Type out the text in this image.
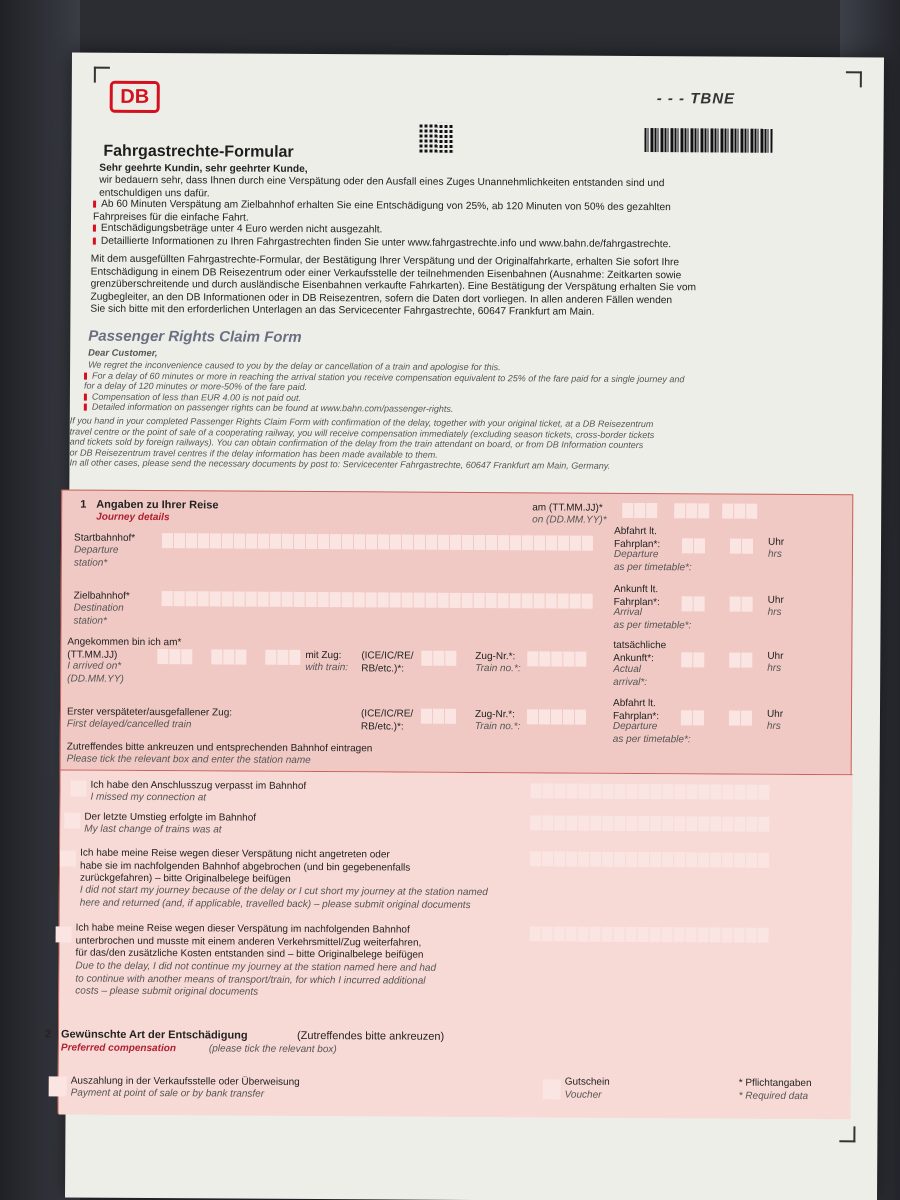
DB
- - -	TBNE
Fahrgastrechte-Formular
Sehr geehrte Kundin, sehr geehrter Kunde,
wir bedauern sehr, dass Ihnen durch eine Verspätung oder den Ausfall eines Zuges Unannehmlichkeiten entstanden sind und
entschuldigen uns dafür.
Ab 60 Minuten Verspätung am Zielbahnhof erhalten Sie eine Entschädigung von 25%, ab 120 Minuten von 50% des gezahlten
Fahrpreises für die einfache Fahrt.
Entschädigungsbeträge unter 4 Euro werden nicht ausgezahlt.
Detaillierte Informationen zu Ihren Fahrgastrechten finden Sie unter www.fahrgastrechte.info und www.bahn.de/fahrgastrechte.
Mit dem ausgefüllten Fahrgastrechte-Formular, der Bestätigung Ihrer Verspätung und der Originalfahrkarte, erhalten Sie sofort Ihre
Entschädigung in einem DB Reisezentrum oder einer Verkaufsstelle der teilnehmenden Eisenbahnen (Ausnahme: Zeitkarten sowie
grenzüberschreitende und durch ausländische Eisenbahnen verkaufte Fahrkarten). Eine Bestätigung der Verspätung erhalten Sie vom
Zugbegleiter, an den DB Informationen oder in DB Reisezentren, sofern die Daten dort vorliegen. In allen anderen Fällen wenden
Sie sich bitte mit den erforderlichen Unterlagen an das Servicecenter Fahrgastrechte, 60647 Frankfurt am Main.
Passenger Rights Claim Form
Dear Customer,
We regret the inconvenience caused to you by the delay or cancellation of a train and apologise for this.
For a delay of 60 minutes or more in reaching the arrival station you receive compensation equivalent to 25% of the fare paid for a single journey and
for a delay of 120 minutes or more-50% of the fare paid.
Compensation of less than EUR 4.00 is not paid out.
Detailed information on passenger rights can be found at www.bahn.com/passenger-rights.
If you hand in your completed Passenger Rights Claim Form with confirmation of the delay, together with your original ticket, at a DB Reisezentrum
travel centre or the point of sale of a cooperating railway, you will receive compensation immediately (excluding season tickets, cross-border tickets
and tickets sold by foreign railways). You can obtain confirmation of the delay from the train attendant on board, or from DB Information counters
or DB Reisezentrum travel centres if the delay information has been made available to them.
In all other cases, please send the necessary documents by post to: Servicecenter Fahrgastrechte, 60647 Frankfurt am Main, Germany.
1 Angaben zu Ihrer Reise
Journey details
am (TT.MM.JJ)*
on (DD.MM.YY)*
Startbahnhof*
Departure
station*
Abfahrt lt.
Fahrplan*:
Departure
as per timetable*:
Uhr
hrs
Zielbahnhof*
Destination
station*
Ankunft lt.
Fahrplan*:
Arrival
as per timetable*:
Uhr
hrs
Angekommen bin ich am*
(TT.MM.JJ)
I arrived on*
(DD.MM.YY)
mit Zug:
with train:
(ICE/IC/RE/
RB/etc.)*:
Zug-Nr.*:
Train no.*:
tatsächliche
Ankunft*:
Actual
arrival*:
Uhr
hrs
Erster verspäteter/ausgefallener Zug:
First delayed/cancelled train
(ICE/IC/RE/
RB/etc.)*:
Zug-Nr.*:
Train no.*:
Abfahrt lt.
Fahrplan*:
Departure
as per timetable*:
Uhr
hrs
Zutreffendes bitte ankreuzen und entsprechenden Bahnhof eintragen
Please tick the relevant box and enter the station name
Ich habe den Anschlusszug verpasst im Bahnhof
I missed my connection at
Der letzte Umstieg erfolgte im Bahnhof
My last change of trains was at
Ich habe meine Reise wegen dieser Verspätung nicht angetreten oder
habe sie im nachfolgenden Bahnhof abgebrochen (und bin gegebenenfalls
zurückgefahren) – bitte Originalbelege beifügen
I did not start my journey because of the delay or I cut short my journey at the station named
here and returned (and, if applicable, travelled back) – please submit original documents
Ich habe meine Reise wegen dieser Verspätung im nachfolgenden Bahnhof
unterbrochen und musste mit einem anderen Verkehrsmittel/Zug weiterfahren,
für das/den zusätzliche Kosten entstanden sind – bitte Originalbelege beifügen
Due to the delay, I did not continue my journey at the station named here and had
to continue with another means of transport/train, for which I incurred additional
costs – please submit original documents
2 Gewünschte Art der Entschädigung	(Zutreffendes bitte ankreuzen)
Preferred compensation	(please tick the relevant box)
Auszahlung in der Verkaufsstelle oder Überweisung
Payment at point of sale or by bank transfer
Gutschein
Voucher
* Pflichtangaben
* Required data
